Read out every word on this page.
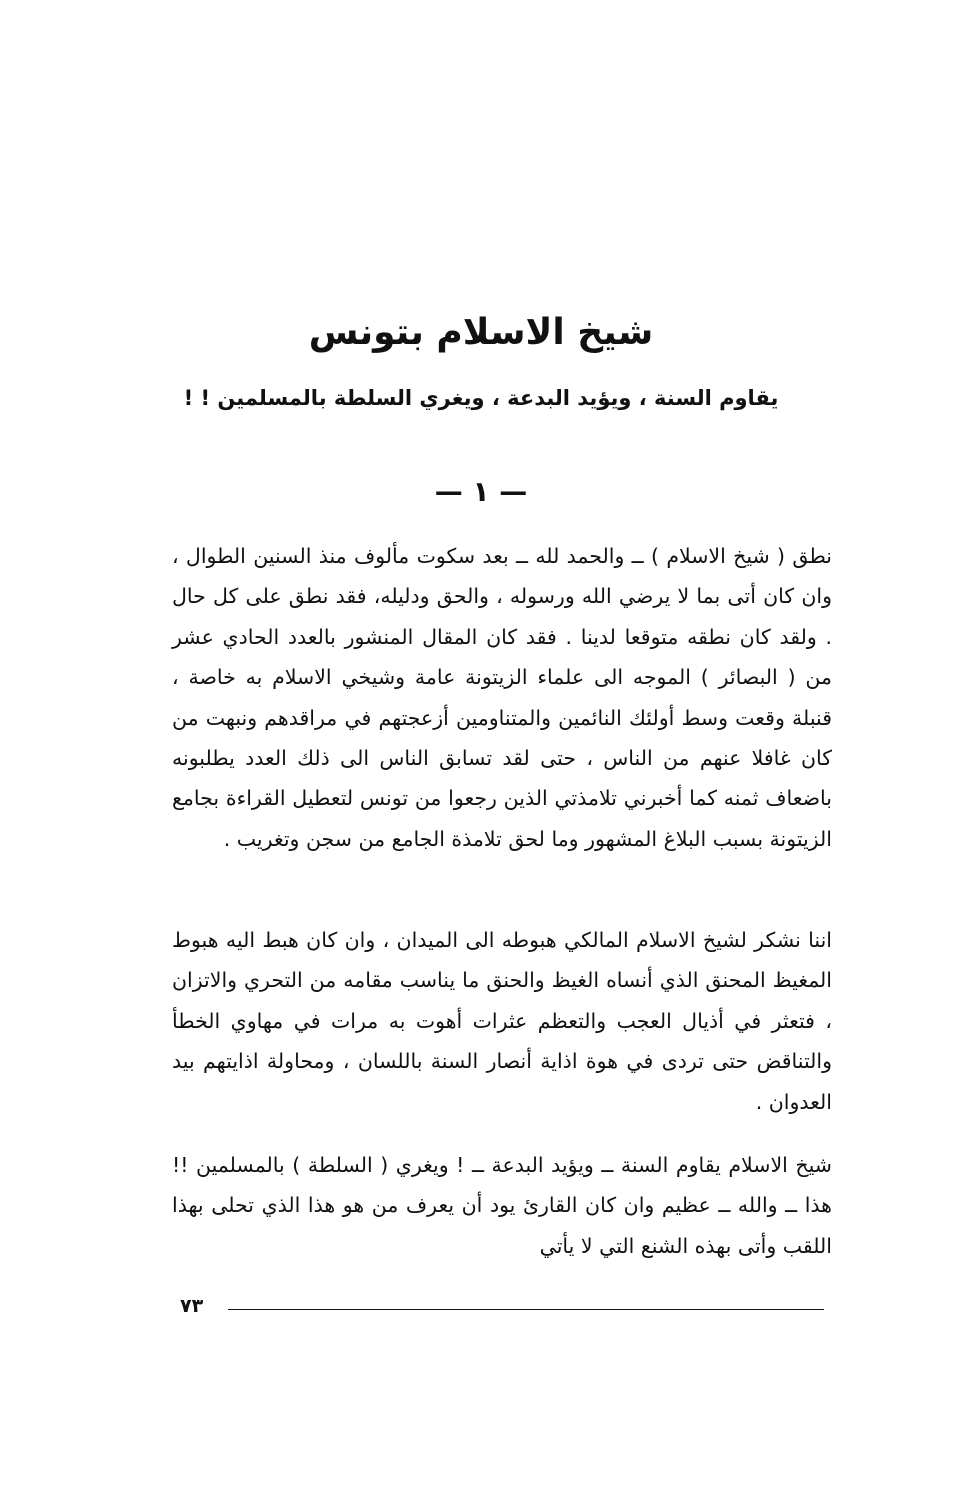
شيخ الاسلام بتونس
يقاوم السنة ، ويؤيد البدعة ، ويغري السلطة بالمسلمين ! !
— ١ —

نطق ( شيخ الاسلام ) ــ والحمد لله ــ بعد سكوت مألوف منذ السنين الطوال ، وان كان أتى بما لا يرضي الله ورسوله ، والحق ودليله، فقد نطق على كل حال . ولقد كان نطقه متوقعا لدينا . فقد كان المقال المنشور بالعدد الحادي عشر من ( البصائر ) الموجه الى علماء الزيتونة عامة وشيخي الاسلام به خاصة ، قنبلة وقعت وسط أولئك النائمين والمتناومين أزعجتهم في مراقدهم ونبهت من كان غافلا عنهم من الناس ، حتى لقد تسابق الناس الى ذلك العدد يطلبونه باضعاف ثمنه كما أخبرني تلامذتي الذين رجعوا من تونس لتعطيل القراءة بجامع الزيتونة بسبب البلاغ المشهور وما لحق تلامذة الجامع من سجن وتغريب .

اننا نشكر لشيخ الاسلام المالكي هبوطه الى الميدان ، وان كان هبط اليه هبوط المغيظ المحنق الذي أنساه الغيظ والحنق ما يناسب مقامه من التحري والاتزان ، فتعثر في أذيال العجب والتعظم عثرات أهوت به مرات في مهاوي الخطأ والتناقض حتى تردى في هوة اذاية أنصار السنة باللسان ، ومحاولة اذايتهم بيد العدوان .

شيخ الاسلام يقاوم السنة ــ ويؤيد البدعة ــ ! ويغري ( السلطة ) بالمسلمين !! هذا ــ والله ــ عظيم وان كان القارئ يود أن يعرف من هو هذا الذي تحلى بهذا اللقب وأتى بهذه الشنع التي لا يأتي

٧٣
